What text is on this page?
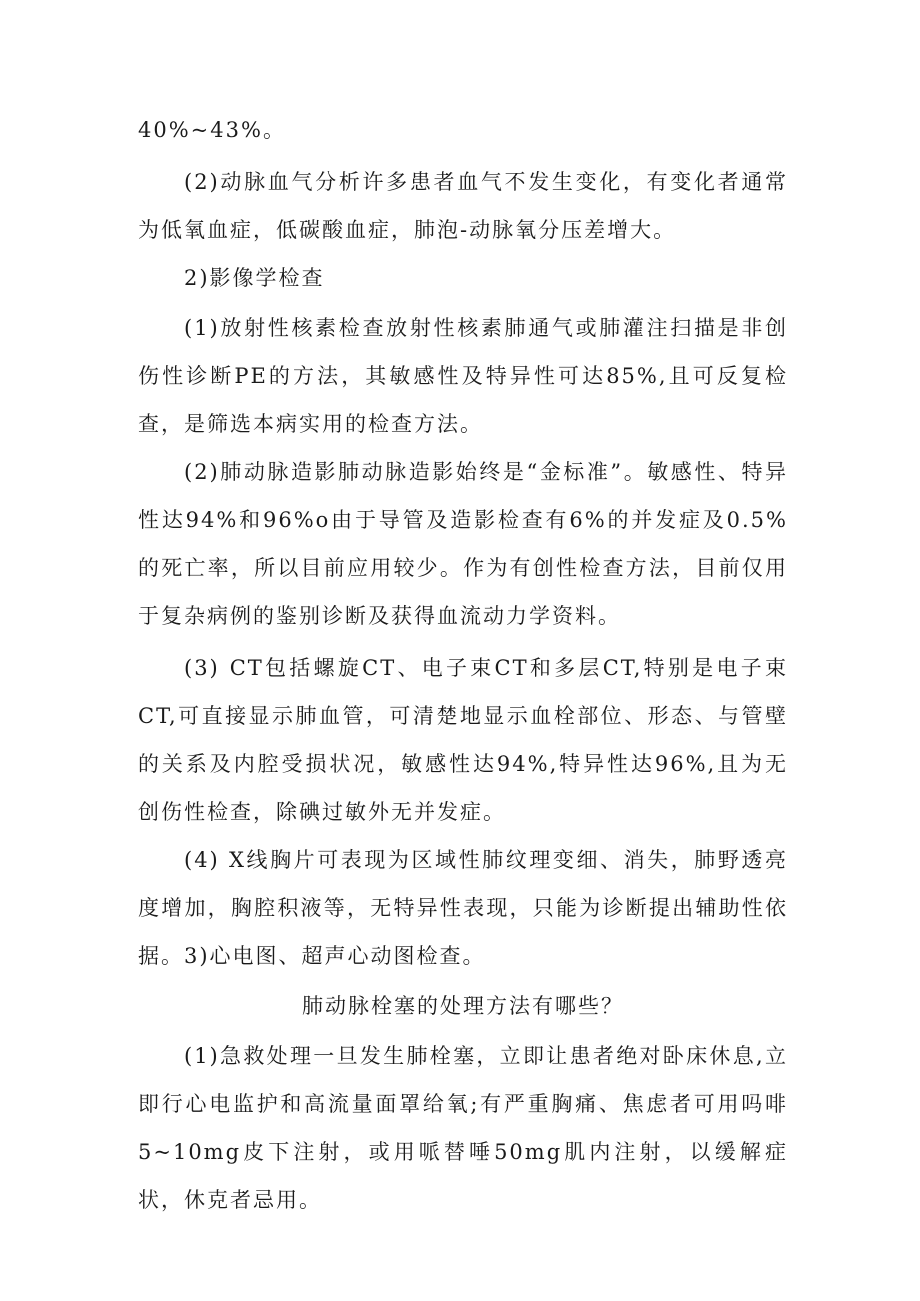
40%~43%。

(2)动脉血气分析许多患者血气不发生变化，有变化者通常为低氧血症，低碳酸血症，肺泡-动脉氧分压差增大。

2)影像学检查

(1)放射性核素检查放射性核素肺通气或肺灌注扫描是非创伤性诊断PE的方法，其敏感性及特异性可达85%,且可反复检查，是筛选本病实用的检查方法。

(2)肺动脉造影肺动脉造影始终是“金标准”。敏感性、特异性达94%和96%o由于导管及造影检查有6%的并发症及0.5%的死亡率，所以目前应用较少。作为有创性检查方法，目前仅用于复杂病例的鉴别诊断及获得血流动力学资料。

(3) CT包括螺旋CT、电子束CT和多层CT,特别是电子束CT,可直接显示肺血管，可清楚地显示血栓部位、形态、与管壁的关系及内腔受损状况，敏感性达94%,特异性达96%,且为无创伤性检查，除碘过敏外无并发症。

(4) X线胸片可表现为区域性肺纹理变细、消失，肺野透亮度增加，胸腔积液等，无特异性表现，只能为诊断提出辅助性依据。 3)心电图、超声心动图检查。

肺动脉栓塞的处理方法有哪些？

(1)急救处理一旦发生肺栓塞，立即让患者绝对卧床休息,立即行心电监护和高流量面罩给氧;有严重胸痛、焦虑者可用吗啡5~10mg皮下注射，或用哌替唾50mg肌内注射，以缓解症状，休克者忌用。
